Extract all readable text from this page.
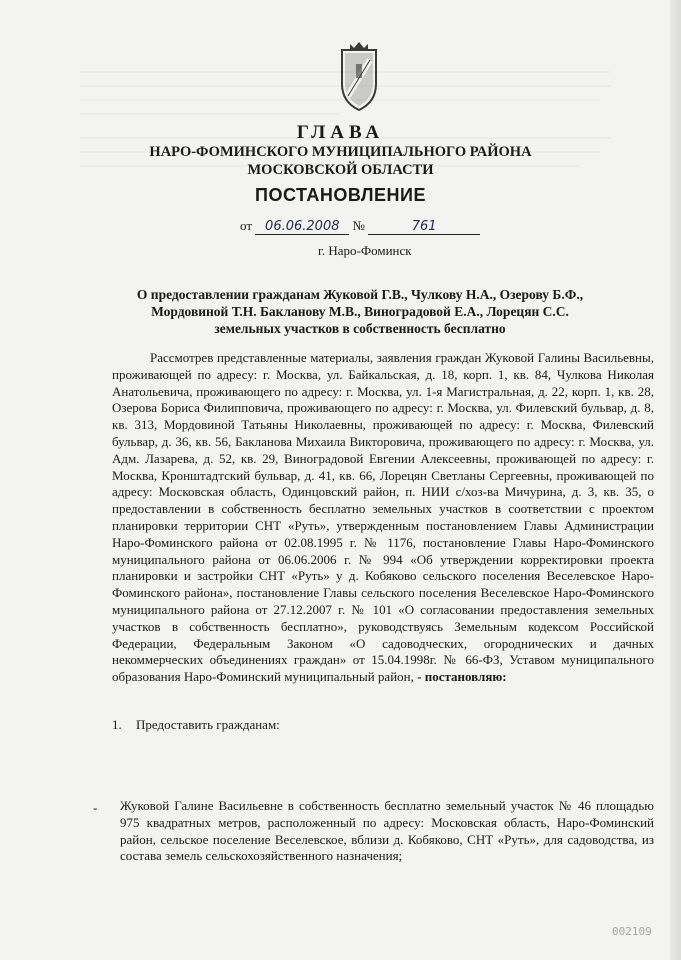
ГЛАВА
НАРО-ФОМИНСКОГО МУНИЦИПАЛЬНОГО РАЙОНА
МОСКОВСКОЙ ОБЛАСТИ
ПОСТАНОВЛЕНИЕ
от 06.06.2008 №	761
г. Наро-Фоминск
О предоставлении гражданам Жуковой Г.В., Чулкову Н.А., Озерову Б.Ф.,
Мордовиной Т.Н. Бакланову М.В., Виноградовой Е.А., Лорецян С.С.
земельных участков в собственность бесплатно

Рассмотрев представленные материалы, заявления граждан Жуковой Галины Васильевны, проживающей по адресу: г. Москва, ул. Байкальская, д. 18, корп. 1, кв. 84, Чулкова Николая Анатольевича, проживающего по адресу: г. Москва, ул. 1-я Магистральная, д. 22, корп. 1, кв. 28, Озерова Бориса Филипповича, проживающего по адресу: г. Москва, ул. Филевский бульвар, д. 8, кв. 313, Мордовиной Татьяны Николаевны, проживающей по адресу: г. Москва, Филевский бульвар, д. 36, кв. 56, Бакланова Михаила Викторовича, проживающего по адресу: г. Москва, ул. Адм. Лазарева, д. 52, кв. 29, Виноградовой Евгении Алексеевны, проживающей по адресу: г. Москва, Кронштадтский бульвар, д. 41, кв. 66, Лорецян Светланы Сергеевны, проживающей по адресу: Московская область, Одинцовский район, п. НИИ с/хоз-ва Мичурина, д. 3, кв. 35, о предоставлении в собственность бесплатно земельных участков в соответствии с проектом планировки территории СНТ «Руть», утвержденным постановлением Главы Администрации Наро-Фоминского района от 02.08.1995 г. № 1176, постановление Главы Наро-Фоминского муниципального района от 06.06.2006 г. № 994 «Об утверждении корректировки проекта планировки и застройки СНТ «Руть» у д. Кобяково сельского поселения Веселевское Наро-Фоминского района», постановление Главы сельского поселения Веселевское Наро-Фоминского муниципального района от 27.12.2007 г. № 101 «О согласовании предоставления земельных участков в собственность бесплатно», руководствуясь Земельным кодексом Российской Федерации, Федеральным Законом «О садоводческих, огороднических и дачных некоммерческих объединениях граждан» от 15.04.1998г. № 66-ФЗ, Уставом муниципального образования Наро-Фоминский муниципальный район, - постановляю:

1. Предоставить гражданам:
- Жуковой Галине Васильевне в собственность бесплатно земельный участок № 46 площадью 975 квадратных метров, расположенный по адресу: Московская область, Наро-Фоминский район, сельское поселение Веселевское, вблизи д. Кобяково, СНТ «Руть», для садоводства, из состава земель сельскохозяйственного назначения;
002109
